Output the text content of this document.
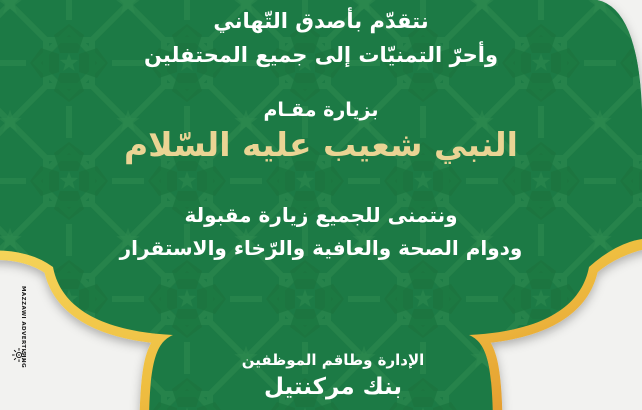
نتقدّم بأصدق التّهاني
وأحرّ التمنيّات إلى جميع المحتفلين
بزيارة مقـام
النبي شعيب عليه السّلام
ونتمنى للجميع زيارة مقبولة
ودوام الصحة والعافية والرّخاء والاستقرار
الإدارة وطاقم الموظفين
بنك مركنتيل
MAZZAWI ADVERTISING
